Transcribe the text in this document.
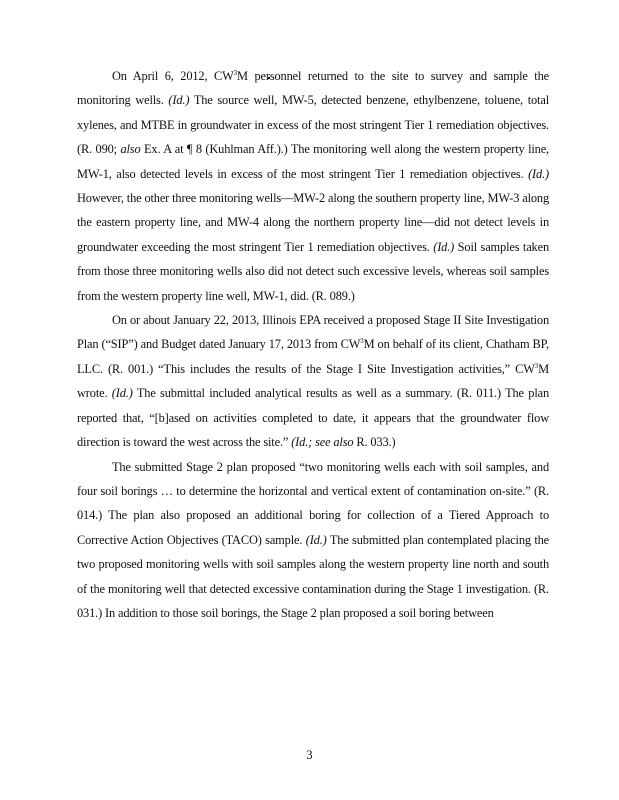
On April 6, 2012, $CW^3M$ personnel returned to the site to survey and sample the monitoring wells. (Id.) The source well, MW-5, detected benzene, ethylbenzene, toluene, total xylenes, and MTBE in groundwater in excess of the most stringent Tier 1 remediation objectives. (R. 090; also Ex. A at ¶ 8 (Kuhlman Aff.).) The monitoring well along the western property line, MW-1, also detected levels in excess of the most stringent Tier 1 remediation objectives. (Id.) However, the other three monitoring wells—MW-2 along the southern property line, MW-3 along the eastern property line, and MW-4 along the northern property line—did not detect levels in groundwater exceeding the most stringent Tier 1 remediation objectives. (Id.) Soil samples taken from those three monitoring wells also did not detect such excessive levels, whereas soil samples from the western property line well, MW-1, did. (R. 089.)

On or about January 22, 2013, Illinois EPA received a proposed Stage II Site Investigation Plan (“SIP”) and Budget dated January 17, 2013 from $CW^3M$ on behalf of its client, Chatham BP, LLC. (R. 001.) “This includes the results of the Stage I Site Investigation activities,” $CW^3M$ wrote. (Id.) The submittal included analytical results as well as a summary. (R. 011.) The plan reported that, “[b]ased on activities completed to date, it appears that the groundwater flow direction is toward the west across the site.” (Id.; see also R. 033.)

The submitted Stage 2 plan proposed “two monitoring wells each with soil samples, and four soil borings … to determine the horizontal and vertical extent of contamination on-site.” (R. 014.) The plan also proposed an additional boring for collection of a Tiered Approach to Corrective Action Objectives (TACO) sample. (Id.) The submitted plan contemplated placing the two proposed monitoring wells with soil samples along the western property line north and south of the monitoring well that detected excessive contamination during the Stage 1 investigation. (R. 031.) In addition to those soil borings, the Stage 2 plan proposed a soil boring between

3
